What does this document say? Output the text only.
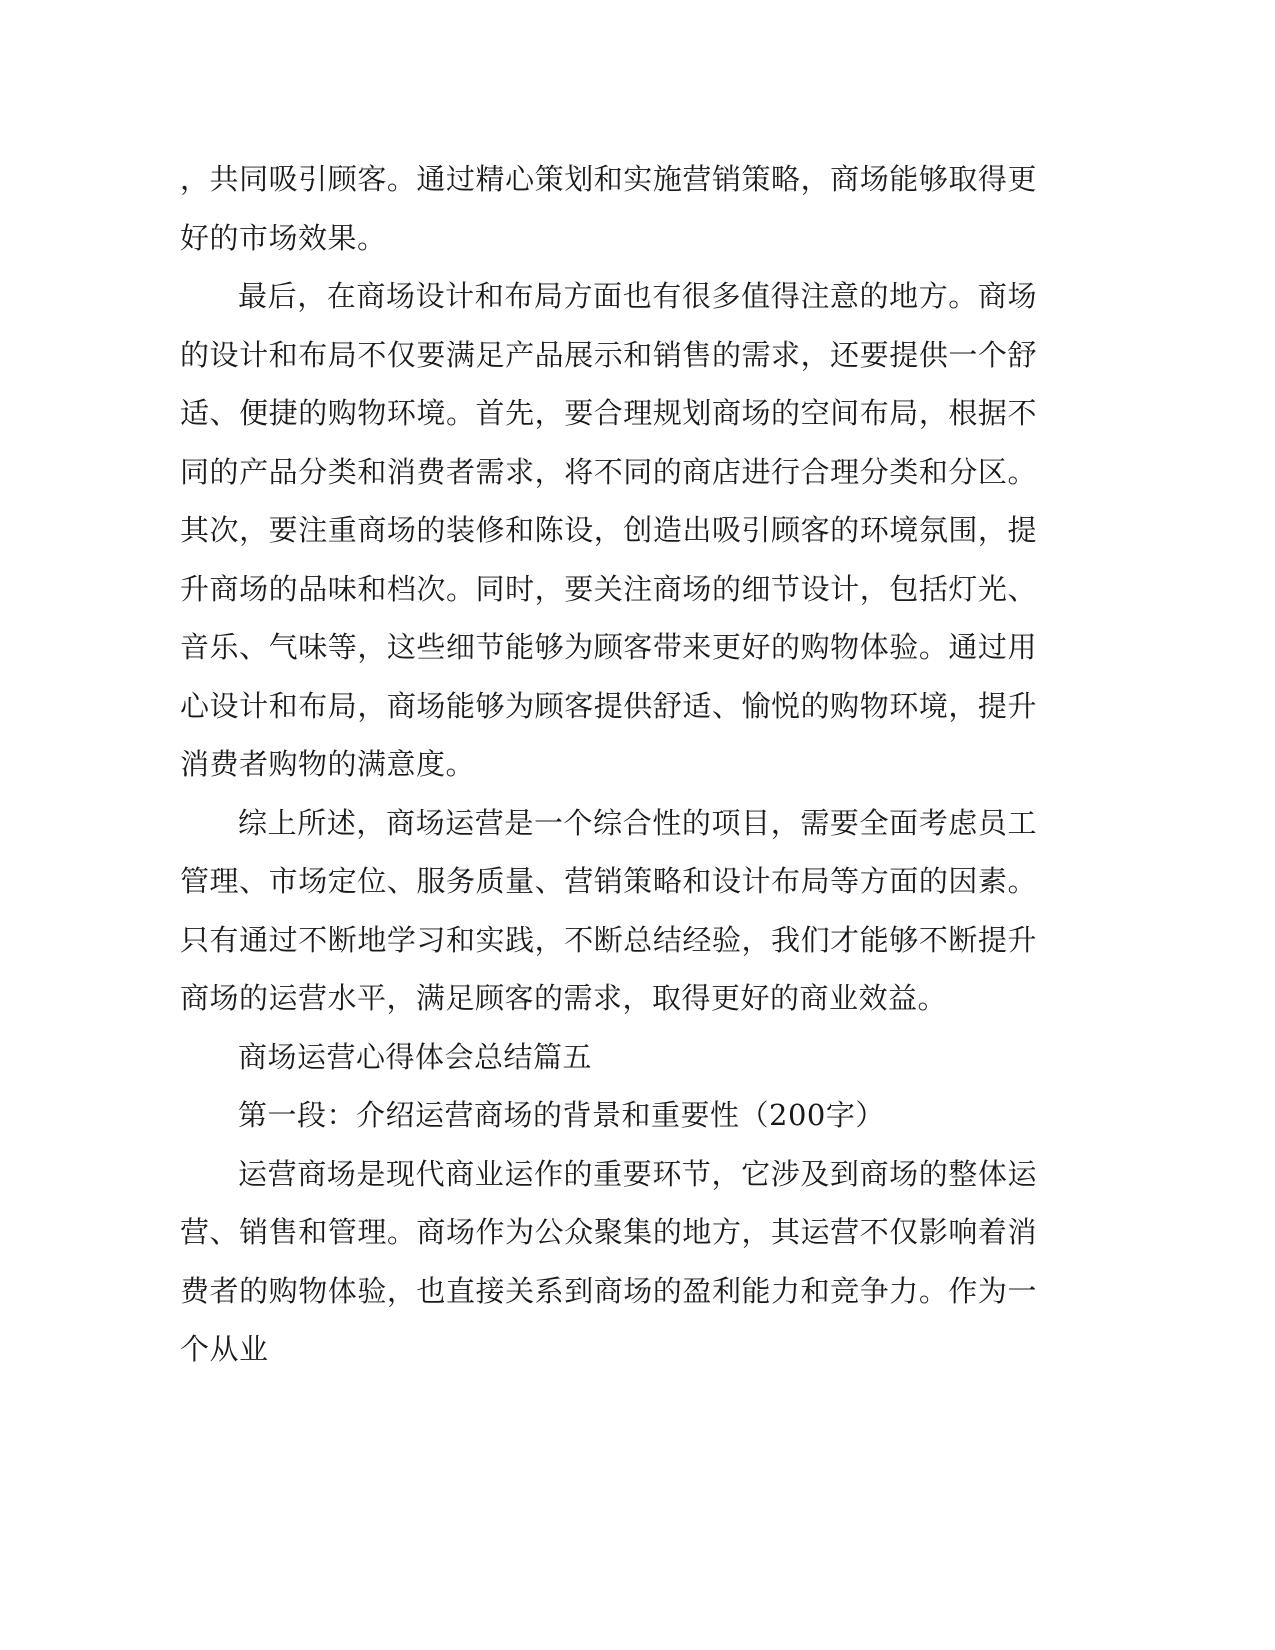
，共同吸引顾客。通过精心策划和实施营销策略，商场能够取得更好的市场效果。

最后，在商场设计和布局方面也有很多值得注意的地方。商场的设计和布局不仅要满足产品展示和销售的需求，还要提供一个舒适、便捷的购物环境。首先，要合理规划商场的空间布局，根据不同的产品分类和消费者需求，将不同的商店进行合理分类和分区。其次，要注重商场的装修和陈设，创造出吸引顾客的环境氛围，提升商场的品味和档次。同时，要关注商场的细节设计，包括灯光、音乐、气味等，这些细节能够为顾客带来更好的购物体验。通过用心设计和布局，商场能够为顾客提供舒适、愉悦的购物环境，提升消费者购物的满意度。

综上所述，商场运营是一个综合性的项目，需要全面考虑员工管理、市场定位、服务质量、营销策略和设计布局等方面的因素。只有通过不断地学习和实践，不断总结经验，我们才能够不断提升商场的运营水平，满足顾客的需求，取得更好的商业效益。

商场运营心得体会总结篇五

第一段：介绍运营商场的背景和重要性（200字）

运营商场是现代商业运作的重要环节，它涉及到商场的整体运营、销售和管理。商场作为公众聚集的地方，其运营不仅影响着消费者的购物体验，也直接关系到商场的盈利能力和竞争力。作为一个从业
